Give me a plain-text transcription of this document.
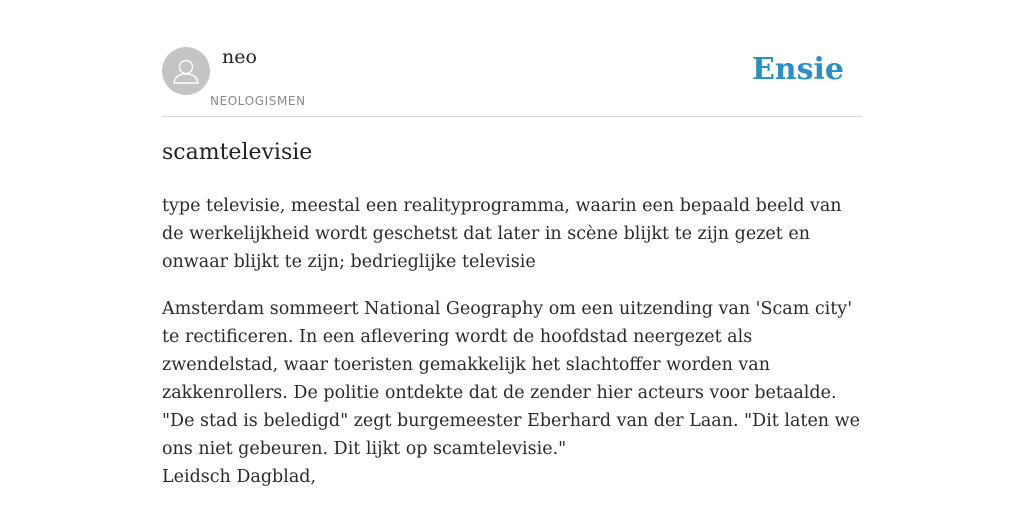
neo
NEOLOGISMEN
Ensie
scamtelevisie

type televisie, meestal een realityprogramma, waarin een bepaald beeld van de werkelijkheid wordt geschetst dat later in scène blijkt te zijn gezet en onwaar blijkt te zijn; bedrieglijke televisie

Amsterdam sommeert National Geography om een uitzending van 'Scam city' te rectificeren. In een aflevering wordt de hoofdstad neergezet als zwendelstad, waar toeristen gemakkelijk het slachtoffer worden van zakkenrollers. De politie ontdekte dat de zender hier acteurs voor betaalde. "De stad is beledigd" zegt burgemeester Eberhard van der Laan. "Dit laten we ons niet gebeuren. Dit lijkt op scamtelevisie."

Leidsch Dagblad,
